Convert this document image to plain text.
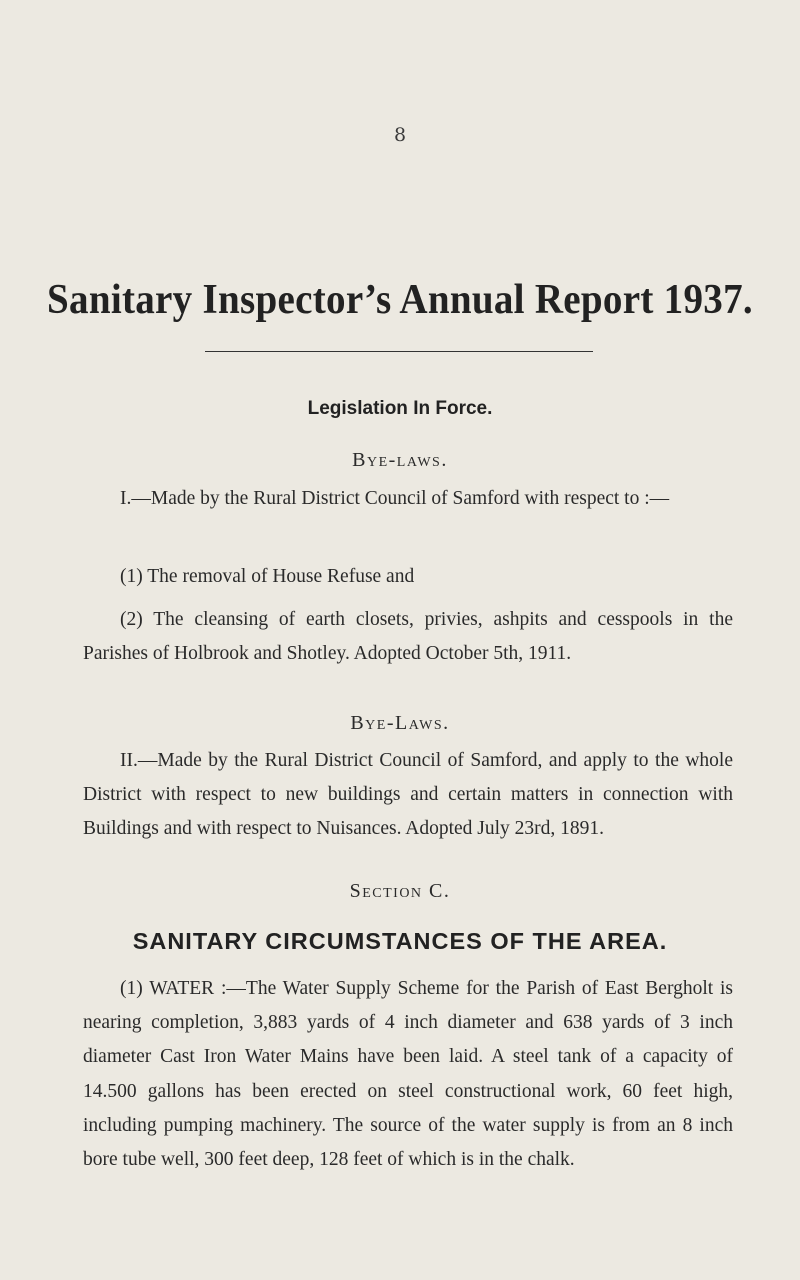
8
Sanitary Inspector’s Annual Report 1937.
Legislation In Force.
Bye-laws.
I.—Made by the Rural District Council of Samford with respect to :—
(1) The removal of House Refuse and
(2) The cleansing of earth closets, privies, ashpits and cesspools in the Parishes of Holbrook and Shotley. Adopted October 5th, 1911.
Bye-Laws.
II.—Made by the Rural District Council of Samford, and apply to the whole District with respect to new buildings and certain matters in connection with Buildings and with respect to Nuisances. Adopted July 23rd, 1891.
Section C.
SANITARY CIRCUMSTANCES OF THE AREA.
(1) WATER :—The Water Supply Scheme for the Parish of East Bergholt is nearing completion, 3,883 yards of 4 inch diameter and 638 yards of 3 inch diameter Cast Iron Water Mains have been laid. A steel tank of a capacity of 14.500 gallons has been erected on steel constructional work, 60 feet high, including pumping machinery. The source of the water supply is from an 8 inch bore tube well, 300 feet deep, 128 feet of which is in the chalk.
